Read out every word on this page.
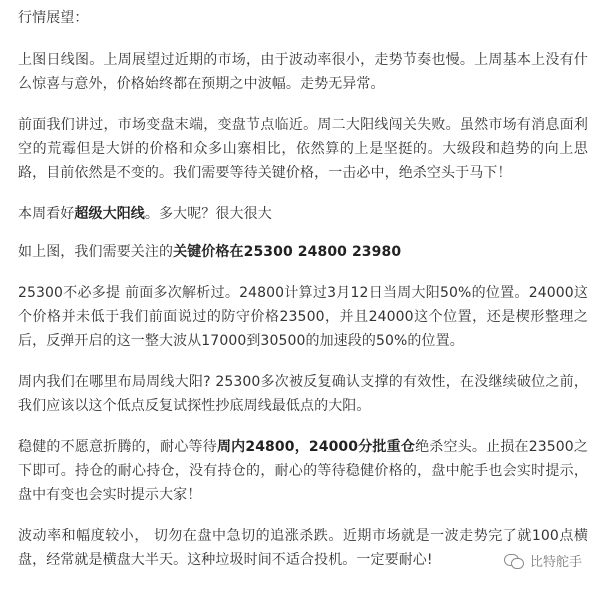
行情展望：

上图日线图。上周展望过近期的市场，由于波动率很小，走势节奏也慢。上周基本上没有什么惊喜与意外，价格始终都在预期之中波幅。走势无异常。

前面我们讲过，市场变盘末端，变盘节点临近。周二大阳线闯关失败。虽然市场有消息面利空的荒霉但是大饼的价格和众多山寨相比，依然算的上是坚挺的。大级段和趋势的向上思路，目前依然是不变的。我们需要等待关键价格，一击必中，绝杀空头于马下！

本周看好超级大阳线。多大呢？很大很大

如上图，我们需要关注的关键价格在25300 24800 23980

25300不必多提 前面多次解析过。24800计算过3月12日当周大阳50%的位置。24000这个价格并未低于我们前面说过的防守价格23500，并且24000这个位置，还是楔形整理之后，反弹开启的这一整大波从17000到30500的加速段的50%的位置。

周内我们在哪里布局周线大阳? 25300多次被反复确认支撑的有效性，在没继续破位之前，我们应该以这个低点反复试探性抄底周线最低点的大阳。

稳健的不愿意折腾的，耐心等待周内24800，24000分批重仓绝杀空头。止损在23500之下即可。持仓的耐心持仓，没有持仓的，耐心的等待稳健价格的，盘中舵手也会实时提示，盘中有变也会实时提示大家！

波动率和幅度较小， 切勿在盘中急切的追涨杀跌。近期市场就是一波走势完了就100点横盘，经常就是横盘大半天。这种垃圾时间不适合投机。一定要耐心!	比特舵手
